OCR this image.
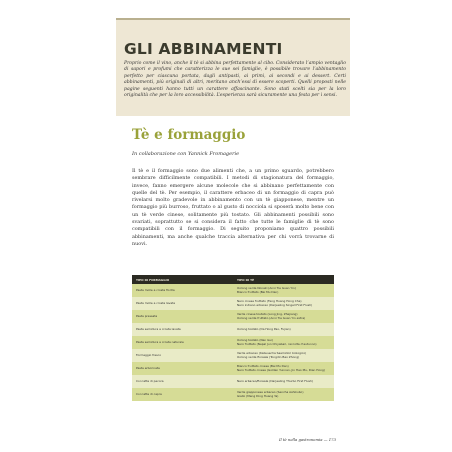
GLI ABBINAMENTI

Proprio come il vino, anche il tè si abbina perfettamente al cibo. Considerato l’ampio ventaglio di sapori e profumi che caratterizza le sue sei famiglie, è possibile trovare l’abbinamento perfetto per ciascuna portata, dagli antipasti, ai primi, ai secondi e ai dessert. Certi abbinamenti, più originali di altri, meritano anch’essi di essere scoperti. Quelli proposti nelle pagine seguenti hanno tutti un carattere affascinante. Sono stati scelti sia per la loro originalità che per la loro accessibilità. L’esperienza sarà sicuramente una festa per i sensi.

Tè e formaggio

In collaborazione con Yannick Fromagerie

Il tè e il formaggio sono due alimenti che, a un primo sguardo, potrebbero sembrare difficilmente compatibili. I metodi di stagionatura del formaggio, invece, fanno emergere alcune molecole che si abbinano perfettamente con quelle del tè. Per esempio, il carattere erbaceo di un formaggio di capra può rivelarsi molto gradevole in abbinamento con un tè giapponese, mentre un formaggio più burroso, fruttato o al gusto di nocciola si sposerà molto bene con un tè verde cinese, solitamente più tostato. Gli abbinamenti possibili sono svariati, soprattutto se si considera il fatto che tutte le famiglie di tè sono compatibili con il formaggio. Di seguito proponiamo quattro possibili abbinamenti, ma anche qualche traccia alternativa per chi vorrà trovarne di nuovi.

TIPO DI FORMAGGIO	TIPO DI TÈ
Pasta molle a crosta fiorita	Oolong verde Nonaki (Anxi Tie Guan Yin)
Bianco fruttato (Bai Mu Dan)
Pasta molle a crosta lavata	Nero cinese fruttato (Feng Huang Hong Cha)
Nero indiano erbaceo (Darjeeling Singell First Flush)
Pasta pressata	Verde cinese tostato (Long Jing, Zhejiang)
Oolong verde fruttato (Anxi Tie Guan Yin extra)
Pasta semidura a crosta lavata	Oolong tostato (Da Hong Pao, Fujian)
Pasta semidura a crosta naturale	Oolong tostato (Nan Gui)
Nero fruttato (Nepal Jun Chiyabari, raccolta d’autunno)
Formaggio fresco	Verde erbaceo (Kabusecha Saemidori biologico)
Oolong verde floreale (Tongdin Bao Zhong)
Pasta erborinata	Bianco fruttato cinese (Bai Mu Dan)
Nero fruttato cinese (Golden Yunnan, Jin Hao Mu, Dian Hong)
Con latte di pecora	Nero erbaceo/floreale (Darjeeling Thurbo First Flush)
Con latte di capra	Verde giapponese erbaceo (Sencha Ashikubo)
Giallo (Meng Ding Huang Ya)

Il tè nella gastronomia — 173
